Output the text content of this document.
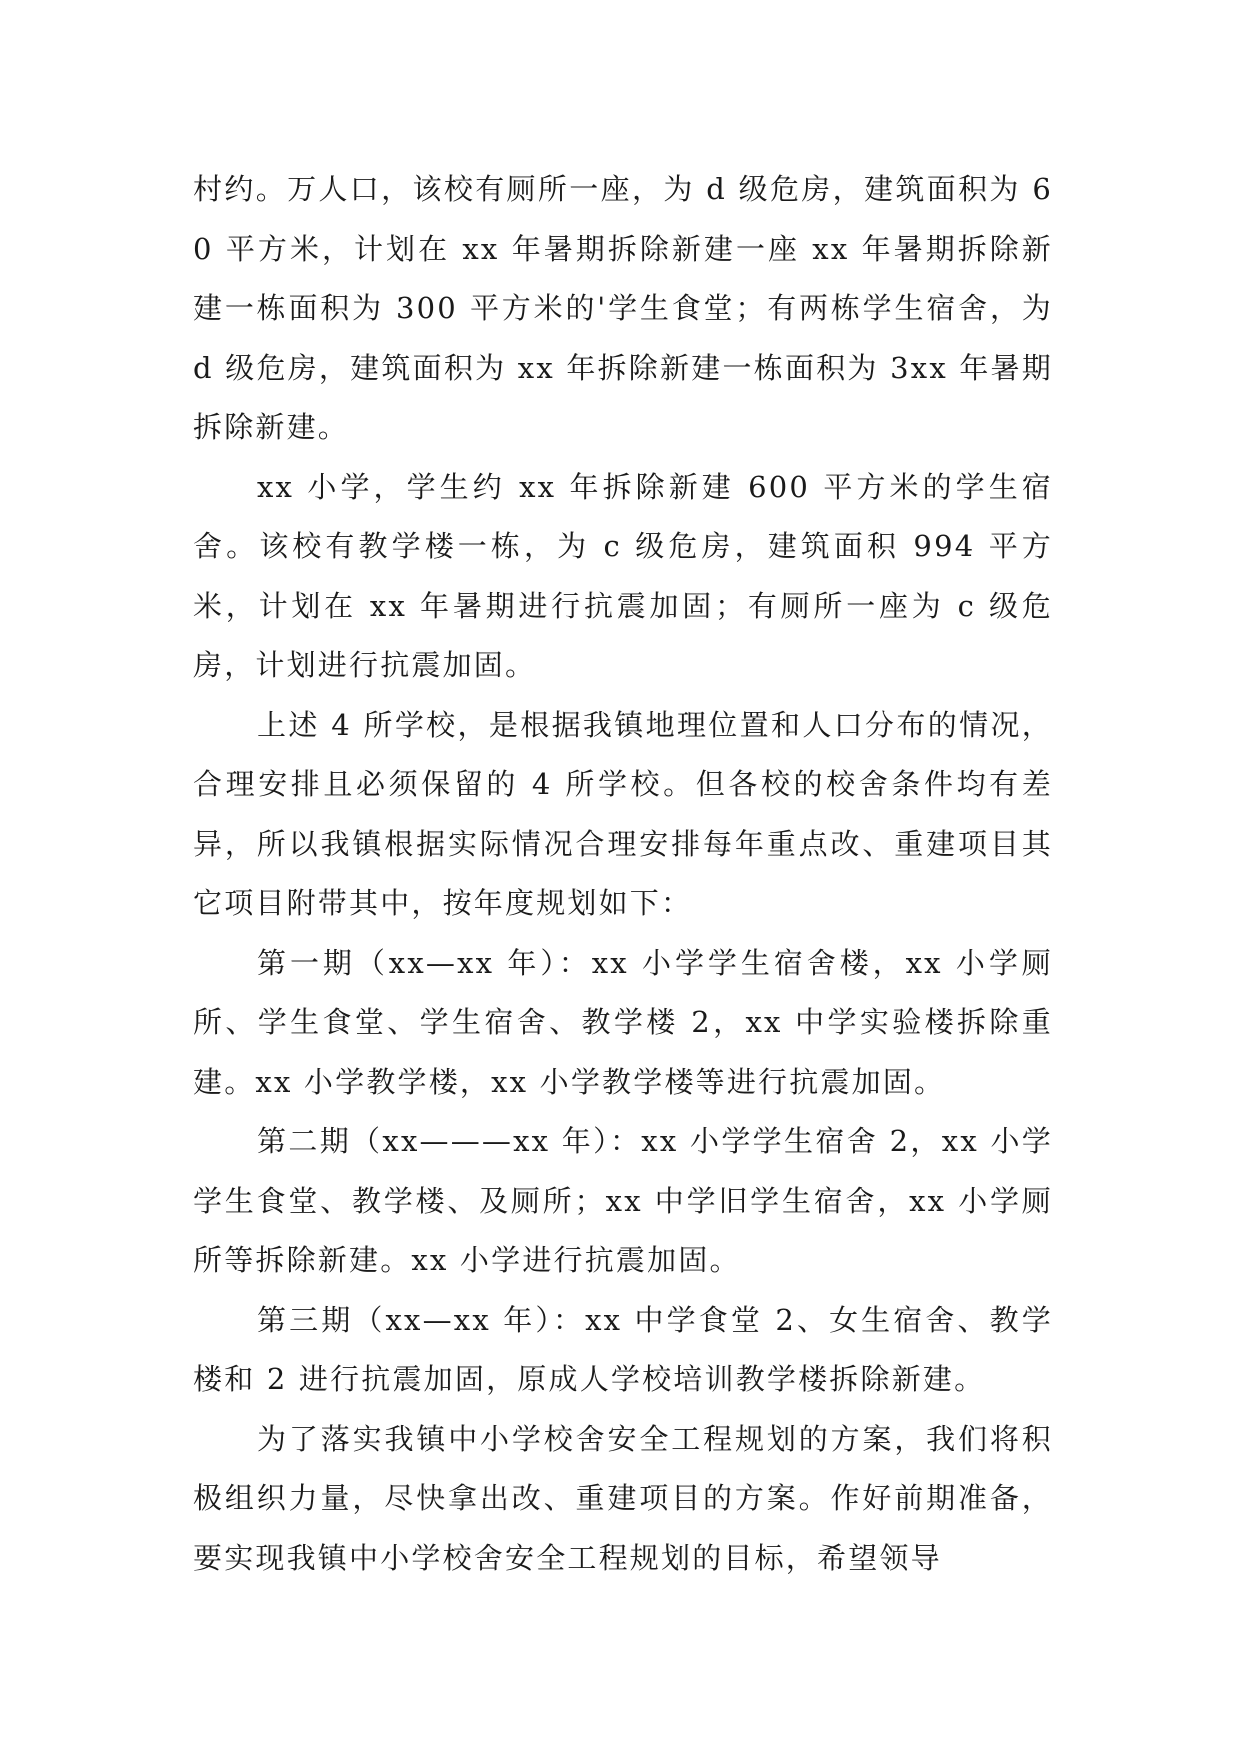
村约。万人口，该校有厕所一座，为 d 级危房，建筑面积为 60 平方米，计划在 xx 年暑期拆除新建一座 xx 年暑期拆除新建一栋面积为 300 平方米的'学生食堂；有两栋学生宿舍，为 d 级危房，建筑面积为 xx 年拆除新建一栋面积为 3xx 年暑期拆除新建。

xx 小学，学生约 xx 年拆除新建 600 平方米的学生宿舍。该校有教学楼一栋，为 c 级危房，建筑面积 994 平方米，计划在 xx 年暑期进行抗震加固；有厕所一座为 c 级危房，计划进行抗震加固。

上述 4 所学校，是根据我镇地理位置和人口分布的情况，合理安排且必须保留的 4 所学校。但各校的校舍条件均有差异，所以我镇根据实际情况合理安排每年重点改、重建项目其它项目附带其中，按年度规划如下：

第一期（xx—xx 年）：xx 小学学生宿舍楼，xx 小学厕所、学生食堂、学生宿舍、教学楼 2，xx 中学实验楼拆除重建。xx 小学教学楼，xx 小学教学楼等进行抗震加固。

第二期（xx———xx 年）：xx 小学学生宿舍 2，xx 小学学生食堂、教学楼、及厕所；xx 中学旧学生宿舍，xx 小学厕所等拆除新建。xx 小学进行抗震加固。

第三期（xx—xx 年）：xx 中学食堂 2、女生宿舍、教学楼和 2 进行抗震加固，原成人学校培训教学楼拆除新建。

为了落实我镇中小学校舍安全工程规划的方案，我们将积极组织力量，尽快拿出改、重建项目的方案。作好前期准备，要实现我镇中小学校舍安全工程规划的目标，希望领导
